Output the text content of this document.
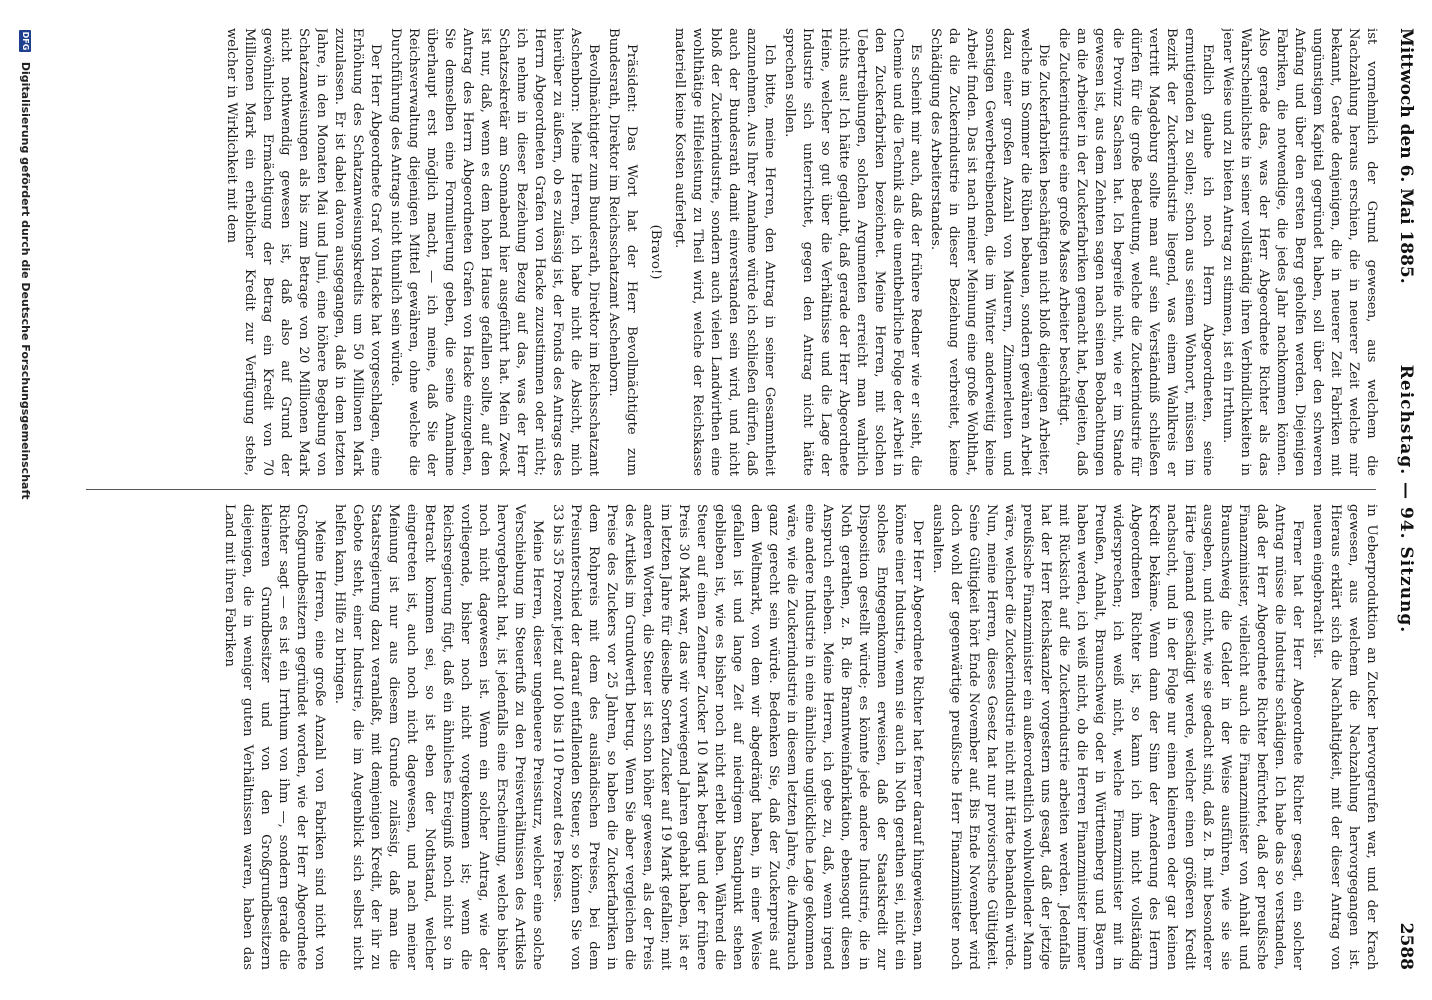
Mittwoch den 6. Mai 1885.
Reichstag. — 94. Sitzung.
2588

ist vornehmlich der Grund gewesen, aus welchem die Nachzahlung heraus erschien, die in neuerer Zeit welche mir bekannt, Gerade denjenigen, die in neuerer Zeit Fabriken mit ungünstigem Kapital gegründet haben, soll über den schweren Anfang und über den ersten Berg geholfen werden. Diejenigen Fabriken, die notwendige, die jedes Jahr nachkommen können. Also gerade das, was der Herr Abgeordnete Richter als das Wahrscheinlichste in seiner vollständig ihren Verbindlichkeiten in jener Weise und zu bieten Antrag zu stimmen, ist ein Irrthum.

Endlich glaube ich noch Herrn Abgeordneten, seine ermutigenden zu sollen; schon aus seinem Wohnort, müssen im Bezirk der Zuckerindustrie liegend, was einem Wahlkreis er vertritt Magdeburg sollte man auf sein Verständniß schließen dürfen für die große Bedeutung, welche die Zuckerindustrie für die Provinz Sachsen hat. Ich begreife nicht, wie er im Stande gewesen ist, aus dem Zehnten sagen nach seinen Beobachtungen an die Arbeiter in der Zuckerfabriken gemacht hat, begleiten, daß die Zuckerindustrie eine große Masse Arbeiter beschäftigt.

Die Zuckerfabriken beschäftigen nicht bloß diejenigen Arbeiter, welche im Sommer die Rüben bebauen, sondern gewähren Arbeit dazu einer großen Anzahl von Maurern, Zimmerleuten und sonstigen Gewerbetreibenden, die im Winter anderweitig keine Arbeit finden. Das ist nach meiner Meinung eine große Wohlthat, da die Zuckerindustrie in dieser Beziehung verbreitet, keine Schädigung des Arbeiterstandes.

Es scheint mir auch, daß der frühere Redner wie er sieht, die Chemie und die Technik als die unentbehrliche Folge der Arbeit in den Zuckerfabriken bezeichnet. Meine Herren, mit solchen Uebertreibungen, solchen Argumenten erreicht man wahrlich nichts aus! Ich hätte geglaubt, daß gerade der Herr Abgeordnete Heine, welcher so gut über die Verhältnisse und die Lage der Industrie sich unterrichtet, gegen den Antrag nicht hätte sprechen sollen.

Ich bitte, meine Herren, den Antrag in seiner Gesammtheit anzunehmen. Aus Ihrer Annahme würde ich schließen dürfen, daß auch der Bundesrath damit einverstanden sein wird, und nicht bloß der Zuckerindustrie, sondern auch vielen Landwirthen eine wohlthätige Hilfeleistung zu Theil wird, welche der Reichskasse materiell keine Kosten auferlegt.

(Bravo!)

Präsident: Das Wort hat der Herr Bevollmächtigte zum Bundesrath, Direktor im Reichsschatzamt Aschenborn.

Bevollmächtigter zum Bundesrath, Direktor im Reichsschatzamt Aschenborn: Meine Herren, ich habe nicht die Absicht, mich hierüber zu äußern, ob es zulässig ist, der Fonds des Antrags des Herrn Abgeordneten Grafen von Hacke zuzustimmen oder nicht; ich nehme in dieser Beziehung Bezug auf das, was der Herr Schatzsekretär am Sonnabend hier ausgeführt hat. Mein Zweck ist nur, daß, wenn es dem hohen Hause gefallen sollte, auf den Antrag des Herrn Abgeordneten Grafen von Hacke einzugehen, Sie demselben eine Formulierung geben, die seine Annahme überhaupt erst möglich macht, — ich meine, daß Sie der Reichsverwaltung diejenigen Mittel gewähren, ohne welche die Durchführung des Antrags nicht thunlich sein würde.

Der Herr Abgeordnete Graf von Hacke hat vorgeschlagen, eine Erhöhung des Schatzanweisungskredits um 50 Millionen Mark zuzulassen. Er ist dabei davon ausgegangen, daß in dem letzten Jahre, in den Monaten Mai und Juni, eine höhere Begebung von Schatzanweisungen als bis zum Betrage von 20 Millionen Mark nicht nothwendig gewesen ist, daß also auf Grund der gewöhnlichen Ermächtigung der Betrag ein Kredit von 70 Millionen Mark ein erheblicher Kredit zur Verfügung stehe, welcher in Wirklichkeit mit dem

in Ueberproduktion an Zucker hervorgerufen war, und der Krach gewesen, aus welchem die Nachzahlung hervorgegangen ist. Hieraus erklärt sich die Nachhaltigkeit, mit der dieser Antrag von neuem eingebracht ist.

Ferner hat der Herr Abgeordnete Richter gesagt, ein solcher Antrag müsse die Industrie schädigen. Ich habe das so verstanden, daß der Herr Abgeordnete Richter befürchtet, daß der preußische Finanzminister, vielleicht auch die Finanzminister von Anhalt und Braunschweig die Gelder in der Weise ausführen, wie sie sie ausgeben, und nicht, wie sie gedacht sind, daß z. B. mit besonderer Härte jemand geschädigt werde, welcher einen größeren Kredit nachsucht, und in der Folge nur einen kleineren oder gar keinen Kredit bekäme. Wenn dann der Sinn der Aenderung des Herrn Abgeordneten Richter ist, so kann ich ihm nicht vollständig widersprechen; ich weiß nicht, welche Finanzminister mit in Preußen, Anhalt, Braunschweig oder in Württemberg und Bayern haben werden, ich weiß nicht, ob die Herren Finanzminister immer mit Rücksicht auf die Zuckerindustrie arbeiten werden. Jedenfalls hat der Herr Reichskanzler vorgestern uns gesagt, daß der jetzige preußische Finanzminister ein außerordentlich wohlwollender Mann wäre, welcher die Zuckerindustrie nicht mit Härte behandeln würde. Nun, meine Herren, dieses Gesetz hat nur provisorische Gültigkeit. Seine Gültigkeit hört Ende November auf. Bis Ende November wird doch wohl der gegenwärtige preußische Herr Finanzminister noch aushalten.

Der Herr Abgeordnete Richter hat ferner darauf hingewiesen, man könne einer Industrie, wenn sie auch in Noth gerathen sei, nicht ein solches Entgegenkommen erweisen, daß der Staatskredit zur Disposition gestellt würde; es könnte jede andere Industrie, die in Noth gerathen, z. B. die Branntweinfabrikation, ebensogut diesen Anspruch erheben. Meine Herren, ich gebe zu, daß, wenn irgend eine andere Industrie in eine ähnliche unglückliche Lage gekommen wäre, wie die Zuckerindustrie in diesem letzten Jahre, die Aufbrauch ganz gerecht sein würde. Bedenken Sie, daß der Zuckerpreis auf dem Weltmarkt, von dem wir abgedrängt haben, in einer Weise gefallen ist und lange Zeit auf niedrigem Standpunkt stehen geblieben ist, wie es bisher noch nicht erlebt haben. Während die Steuer auf einen Zentner Zucker 10 Mark beträgt und der frühere Preis 30 Mark war, das wir vorwiegend Jahren gehabt haben, ist er im letzten Jahre für dieselbe Sorten Zucker auf 19 Mark gefallen; mit anderen Worten, die Steuer ist schon höher gewesen, als der Preis des Artikels im Grundwerth betrug. Wenn Sie aber vergleichen die Preise des Zuckers vor 25 Jahren, so haben die Zuckerfabriken in dem Rohpreis mit dem des ausländischen Preises, bei dem Preisunterschied der darauf entfallenden Steuer, so können Sie von 33 bis 35 Prozent jetzt auf 100 bis 110 Prozent des Preises.

Meine Herren, dieser ungeheuere Preissturz, welcher eine solche Verschiebung im Steuerfuß zu den Preisverhältnissen des Artikels hervorgebracht hat, ist jedenfalls eine Erscheinung, welche bisher noch nicht dagewesen ist. Wenn ein solcher Antrag, wie der vorliegende, bisher noch nicht vorgekommen ist; wenn die Reichsregierung fügt, daß ein ähnliches Ereigniß noch nicht so in Betracht kommen sei, so ist eben der Nothstand, welcher eingetreten ist, auch noch nicht dagewesen, und nach meiner Meinung ist nur aus diesem Grunde zulässig, daß man die Staatsregierung dazu veranlaßt, mit demjenigen Kredit, der ihr zu Gebote steht, einer Industrie, die im Augenblick sich selbst nicht helfen kann, Hilfe zu bringen.

Meine Herren, eine große Anzahl von Fabriken sind nicht von Großgrundbesitzern gegründet worden, wie der Herr Abgeordnete Richter sagt — es ist ein Irrthum von ihm —, sondern gerade die kleineren Grundbesitzer und von den Großgrundbesitzern diejenigen, die in weniger guten Verhältnissen waren, haben das Land mit ihren Fabriken

DFG Digitalisierung gefördert durch die Deutsche Forschungsgemeinschaft
